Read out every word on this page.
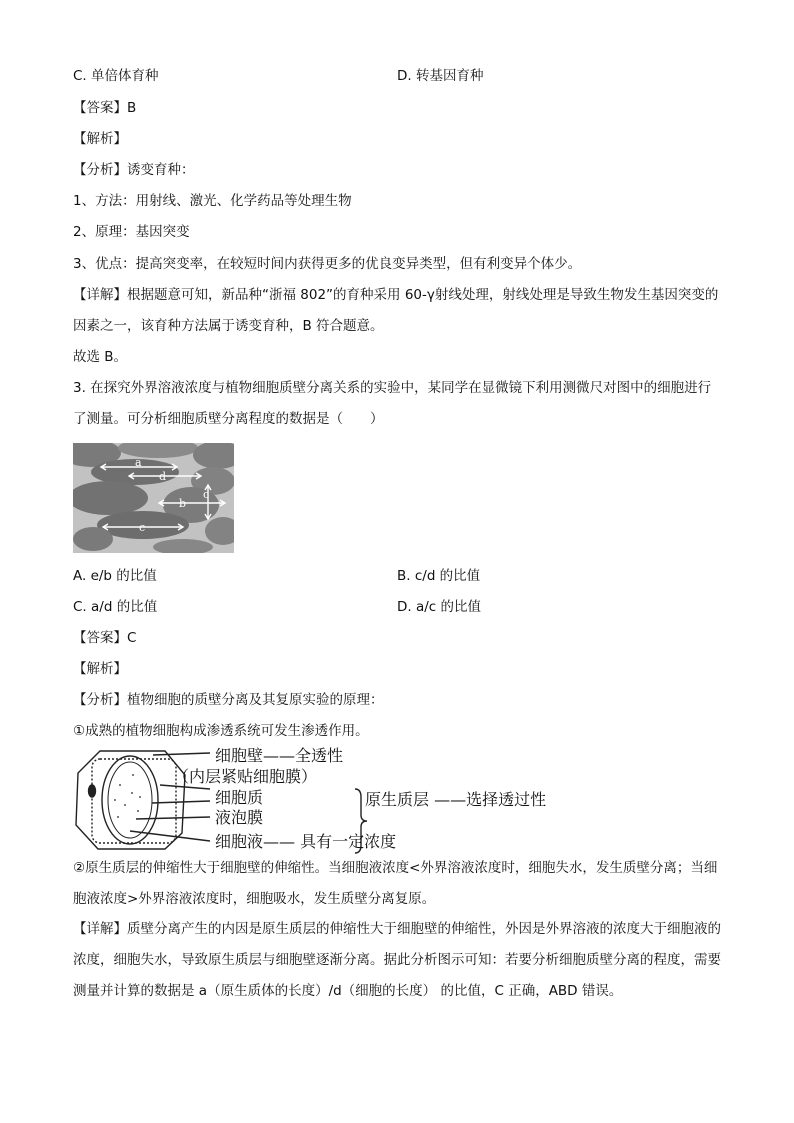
C. 单倍体育种	D. 转基因育种
【答案】B
【解析】
【分析】诱变育种：
1、方法：用射线、激光、化学药品等处理生物
2、原理：基因突变
3、优点：提高突变率，在较短时间内获得更多的优良变异类型，但有利变异个体少。
【详解】根据题意可知，新品种“浙福 802”的育种采用 60-γ射线处理，射线处理是导致生物发生基因突变的因素之一，该育种方法属于诱变育种，B 符合题意。
故选 B。
3. 在探究外界溶液浓度与植物细胞质壁分离关系的实验中，某同学在显微镜下利用测微尺对图中的细胞进行了测量。可分析细胞质壁分离程度的数据是（　　）
a
d
b
c
c
A. e/b 的比值	B. c/d 的比值
C. a/d 的比值	D. a/c 的比值
【答案】C
【解析】
【分析】植物细胞的质壁分离及其复原实验的原理：
①成熟的植物细胞构成渗透系统可发生渗透作用。
细胞壁——全透性
（内层紧贴细胞膜）
细胞质
液泡膜
原生质层 ——选择透过性
细胞液—— 具有一定浓度
②原生质层的伸缩性大于细胞壁的伸缩性。当细胞液浓度<外界溶液浓度时，细胞失水，发生质壁分离；当细胞液浓度>外界溶液浓度时，细胞吸水，发生质壁分离复原。
【详解】质壁分离产生的内因是原生质层的伸缩性大于细胞壁的伸缩性，外因是外界溶液的浓度大于细胞液的浓度，细胞失水，导致原生质层与细胞壁逐渐分离。据此分析图示可知：若要分析细胞质壁分离的程度，需要测量并计算的数据是 a（原生质体的长度）/d（细胞的长度） 的比值，C 正确，ABD 错误。
